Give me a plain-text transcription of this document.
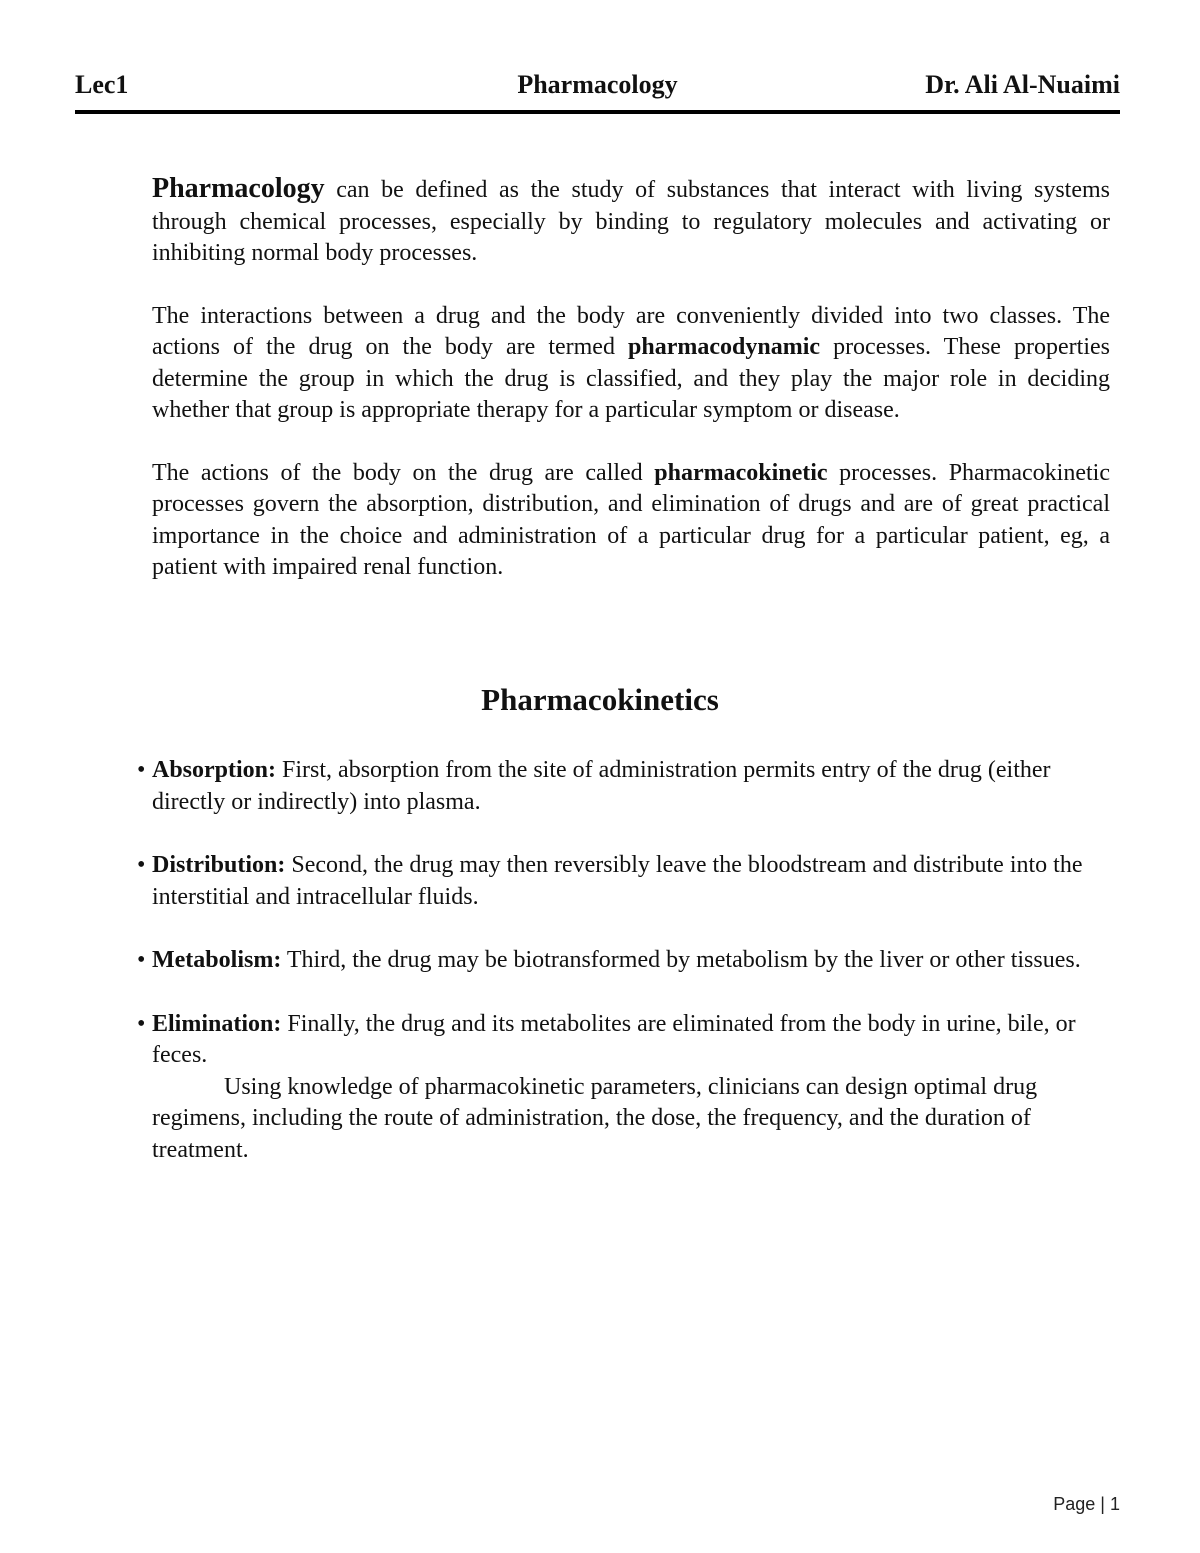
Lec1	Pharmacology	Dr. Ali Al-Nuaimi

Pharmacology can be defined as the study of substances that interact with living systems through chemical processes, especially by binding to regulatory molecules and activating or inhibiting normal body processes.

The interactions between a drug and the body are conveniently divided into two classes. The actions of the drug on the body are termed pharmacodynamic processes. These properties determine the group in which the drug is classified, and they play the major role in deciding whether that group is appropriate therapy for a particular symptom or disease.

The actions of the body on the drug are called pharmacokinetic processes. Pharmacokinetic processes govern the absorption, distribution, and elimination of drugs and are of great practical importance in the choice and administration of a particular drug for a particular patient, eg, a patient with impaired renal function.

Pharmacokinetics
• Absorption: First, absorption from the site of administration permits entry of the drug (either directly or indirectly) into plasma.
• Distribution: Second, the drug may then reversibly leave the bloodstream and distribute into the interstitial and intracellular fluids.
• Metabolism: Third, the drug may be biotransformed by metabolism by the liver or other tissues.
• Elimination: Finally, the drug and its metabolites are eliminated from the body in urine, bile, or feces.
Using knowledge of pharmacokinetic parameters, clinicians can design optimal drug regimens, including the route of administration, the dose, the frequency, and the duration of treatment.
Page | 1
